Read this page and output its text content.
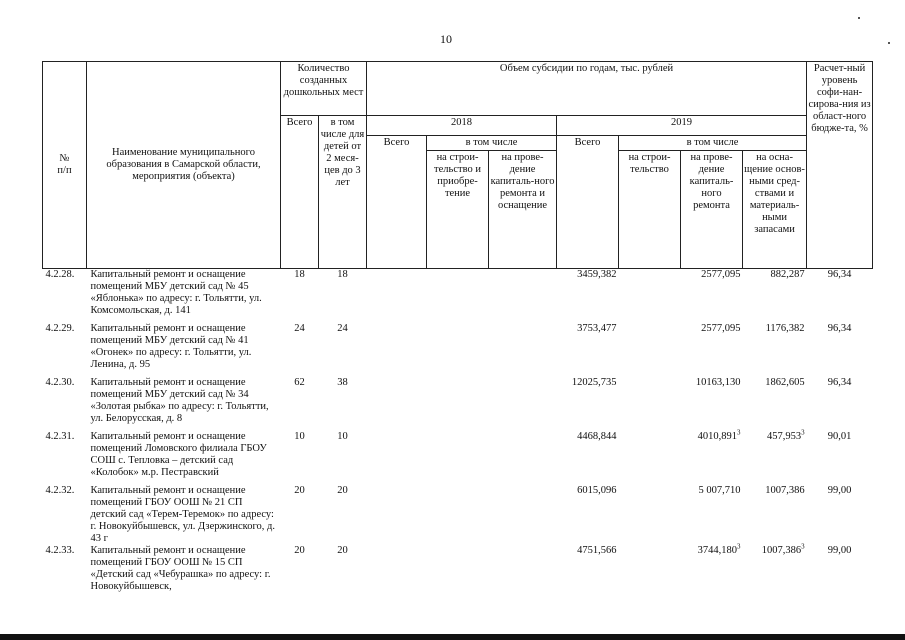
10
№
п/п	Наименование муниципального образования в Самарской области, мероприятия (объекта)	Количество созданных дошкольных мест		Объем субсидии по годам, тыс. рублей							Расчет-ный уровень софи-нан-сирова-ния из област-ного бюдже-та, %
		Всего	в том числе для детей от 2 меся-цев до 3 лет	2018			2019				
				Всего	в том числе		Всего	в том числе			
					на строи-тельство и приобре-тение	на прове-дение капиталь-ного ремонта и оснащение		на строи-тельство	на прове-дение капиталь-ного ремонта	на осна-щение основ-ными сред-ствами и материаль-ными запасами	
4.2.28.	Капитальный ремонт и оснащение помещений МБУ детский сад № 45 «Яблонька» по адресу: г. Тольятти, ул. Комсомольская, д. 141	18	18				3459,382		2577,095	882,287	96,34
4.2.29.	Капитальный ремонт и оснащение помещений МБУ детский сад № 41 «Огонек» по адресу: г. Тольятти, ул. Ленина, д. 95	24	24				3753,477		2577,095	1176,382	96,34
4.2.30.	Капитальный ремонт и оснащение помещений МБУ детский сад № 34 «Золотая рыбка» по адресу: г. Тольятти, ул. Белорусская, д. 8	62	38				12025,735		10163,130	1862,605	96,34
4.2.31.	Капитальный ремонт и оснащение помещений Ломовского филиала ГБОУ СОШ с. Тепловка – детский сад «Колобок» м.р. Пестравский	10	10				4468,844		4010,891$^3$	457,953$^3$	90,01
4.2.32.	Капитальный ремонт и оснащение помещений ГБОУ ООШ № 21 СП детский сад «Терем-Теремок» по адресу: г. Новокуйбышевск, ул. Дзержинского, д. 43 г	20	20				6015,096		5 007,710	1007,386	99,00
4.2.33.	Капитальный ремонт и оснащение помещений ГБОУ ООШ № 15 СП «Детский сад «Чебурашка» по адресу: г. Новокуйбышевск,	20	20				4751,566		3744,180$^3$	1007,386$^3$	99,00
